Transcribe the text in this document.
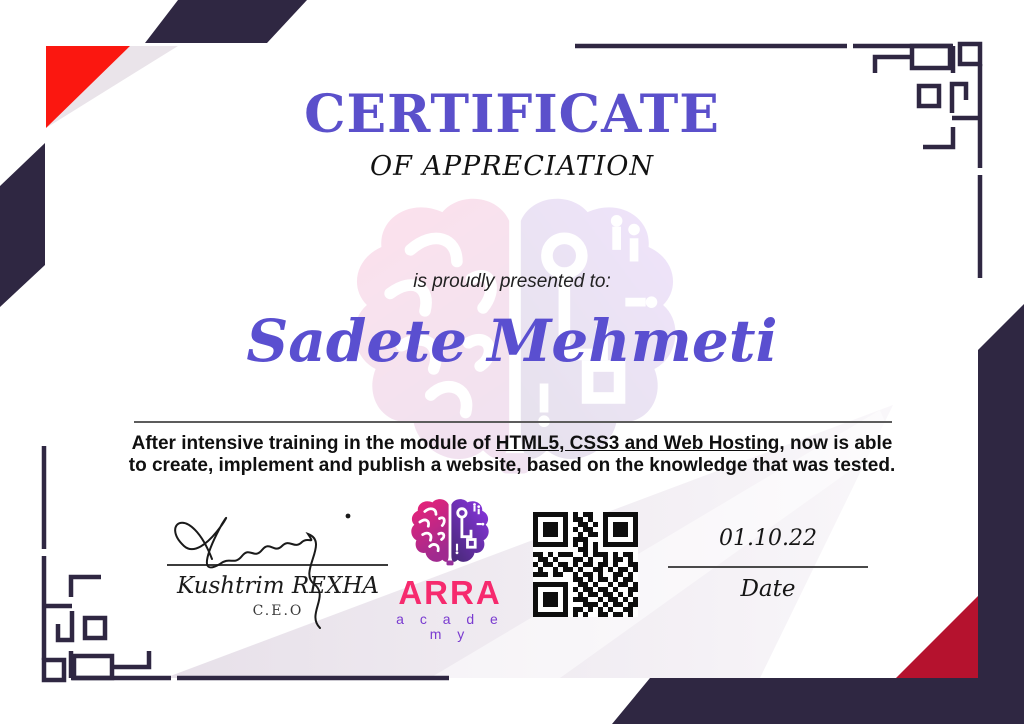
CERTIFICATE
OF APPRECIATION
is proudly presented to:
Sadete Mehmeti
After intensive training in the module of HTML5, CSS3 and Web Hosting, now is able to create, implement and publish a website, based on the knowledge that was tested.
Kushtrim REXHA
C.E.O	ARRA
a c a d e m y
01.10.22
Date
